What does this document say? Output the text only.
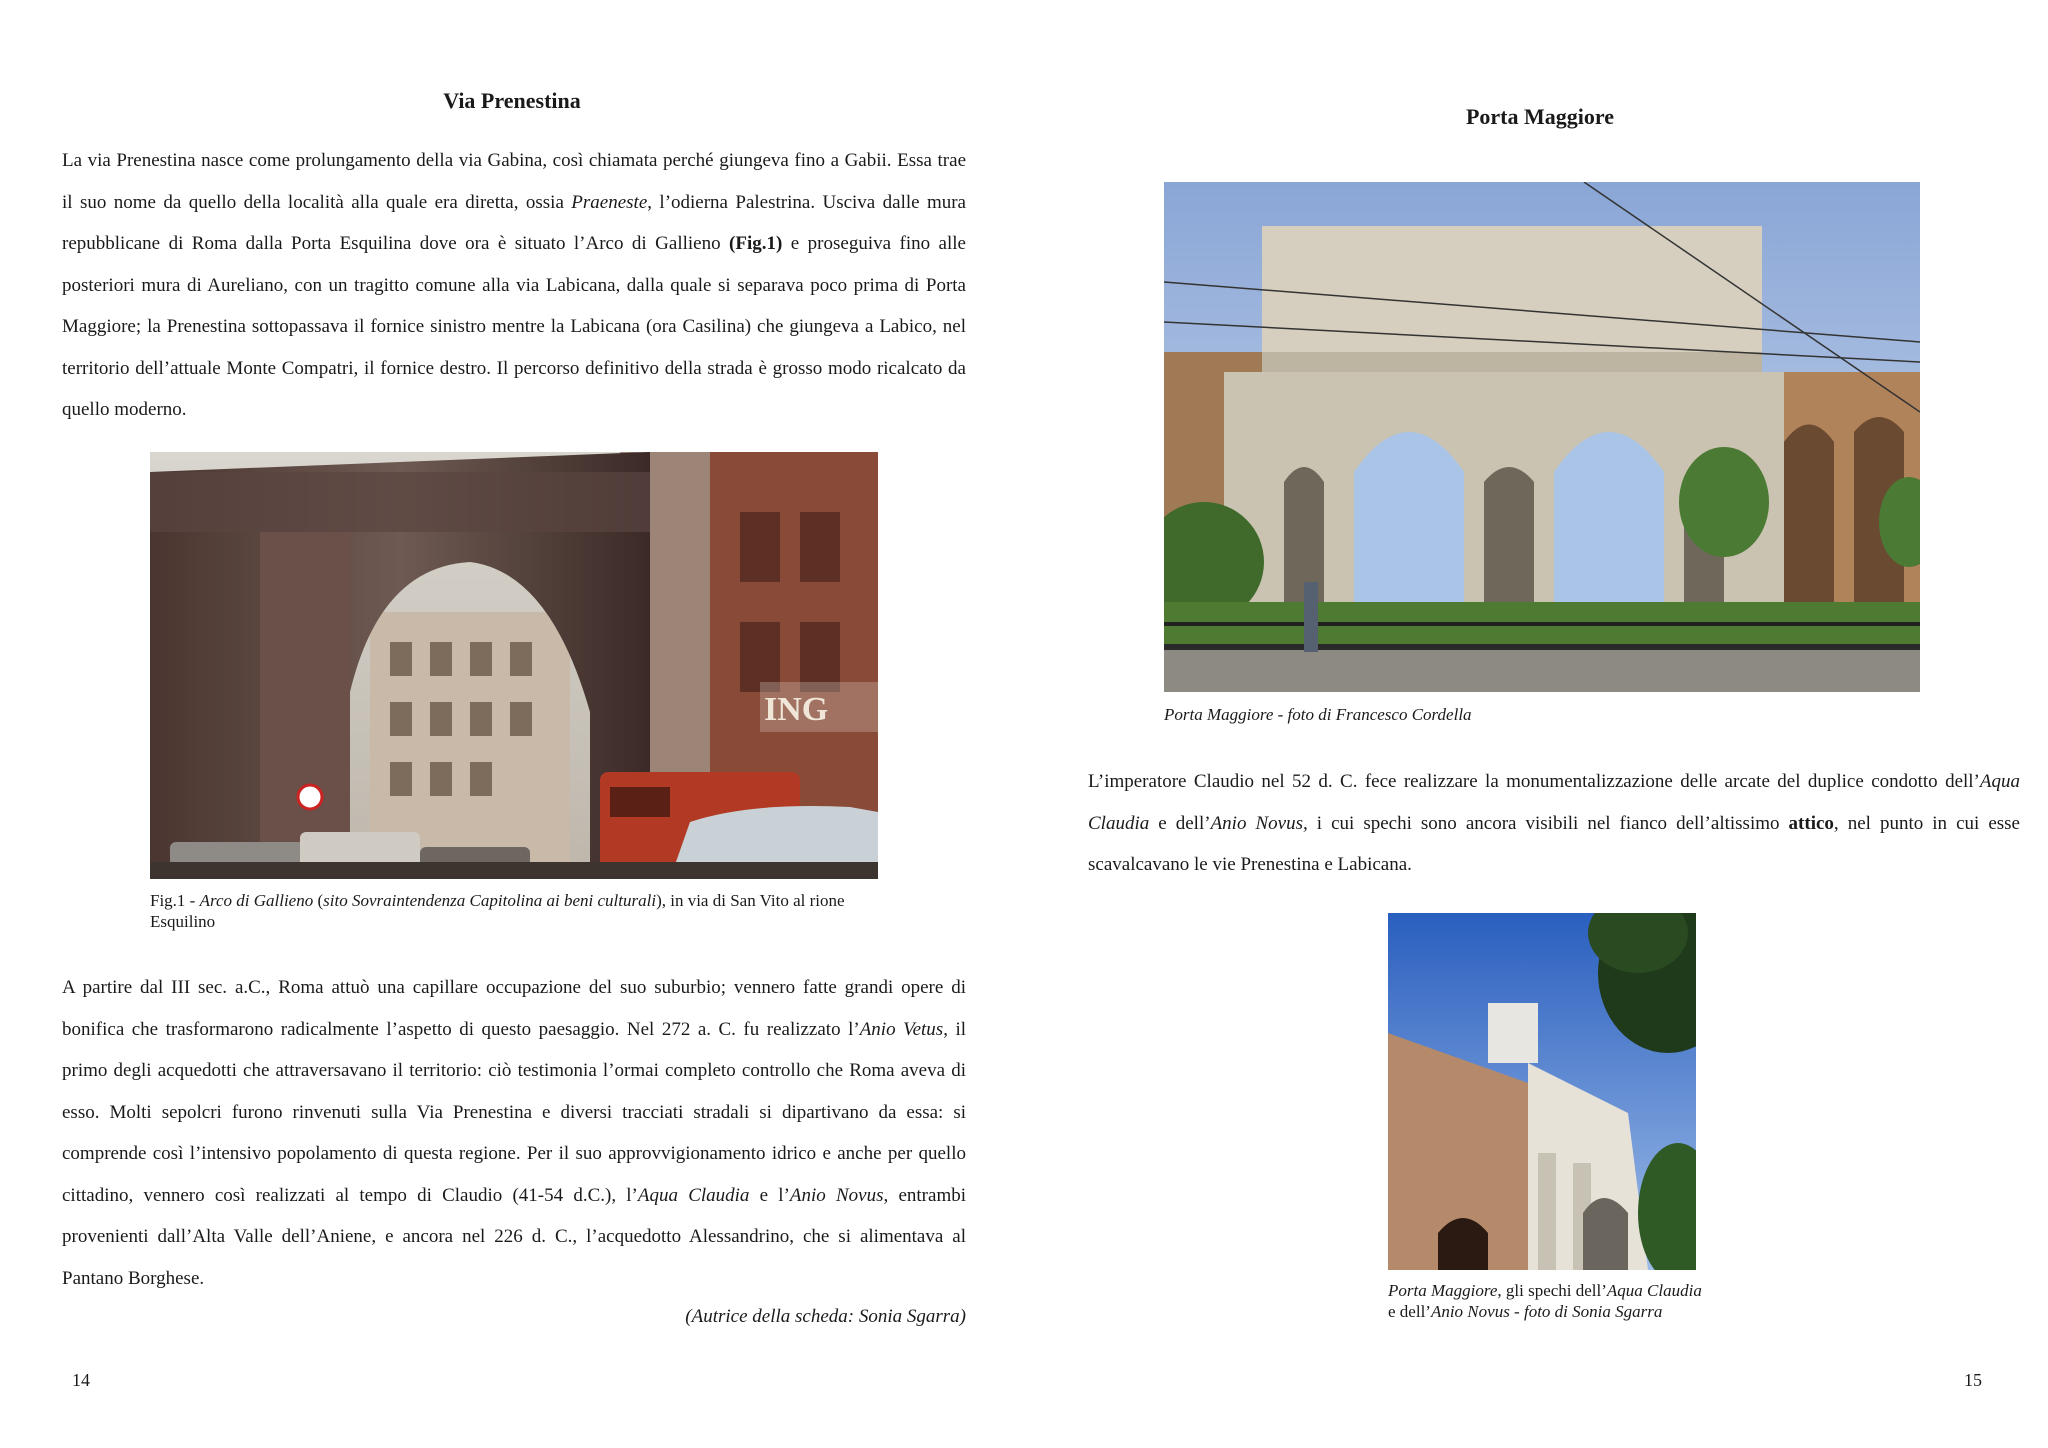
Via Prenestina

La via Prenestina nasce come prolungamento della via Gabina, così chiamata perché giungeva fino a Gabii. Essa trae il suo nome da quello della località alla quale era diretta, ossia Praeneste, l’odierna Palestrina. Usciva dalle mura repubblicane di Roma dalla Porta Esquilina dove ora è situato l’Arco di Gallieno (Fig.1) e proseguiva fino alle posteriori mura di Aureliano, con un tragitto comune alla via Labicana, dalla quale si separava poco prima di Porta Maggiore; la Prenestina sottopassava il fornice sinistro mentre la Labicana (ora Casilina) che giungeva a Labico, nel territorio dell’attuale Monte Compatri, il fornice destro. Il percorso definitivo della strada è grosso modo ricalcato da quello moderno.

ING

Fig.1 - Arco di Gallieno (sito Sovraintendenza Capitolina ai beni culturali), in via di San Vito al rione Esquilino

A partire dal III sec. a.C., Roma attuò una capillare occupazione del suo suburbio; vennero fatte grandi opere di bonifica che trasformarono radicalmente l’aspetto di questo paesaggio. Nel 272 a. C. fu realizzato l’Anio Vetus, il primo degli acquedotti che attraversavano il territorio: ciò testimonia l’ormai completo controllo che Roma aveva di esso. Molti sepolcri furono rinvenuti sulla Via Prenestina e diversi tracciati stradali si dipartivano da essa: si comprende così l’intensivo popolamento di questa regione. Per il suo approvvigionamento idrico e anche per quello cittadino, vennero così realizzati al tempo di Claudio (41-54 d.C.), l’Aqua Claudia e l’Anio Novus, entrambi provenienti dall’Alta Valle dell’Aniene, e ancora nel 226 d. C., l’acquedotto Alessandrino, che si alimentava al Pantano Borghese.

(Autrice della scheda: Sonia Sgarra)

14

Porta Maggiore

Porta Maggiore - foto di Francesco Cordella

L’imperatore Claudio nel 52 d. C. fece realizzare la monumentalizzazione delle arcate del duplice condotto dell’Aqua Claudia e dell’Anio Novus, i cui spechi sono ancora visibili nel fianco dell’altissimo attico, nel punto in cui esse scavalcavano le vie Prenestina e Labicana.

Porta Maggiore, gli spechi dell’Aqua Claudia e dell’Anio Novus - foto di Sonia Sgarra

15
